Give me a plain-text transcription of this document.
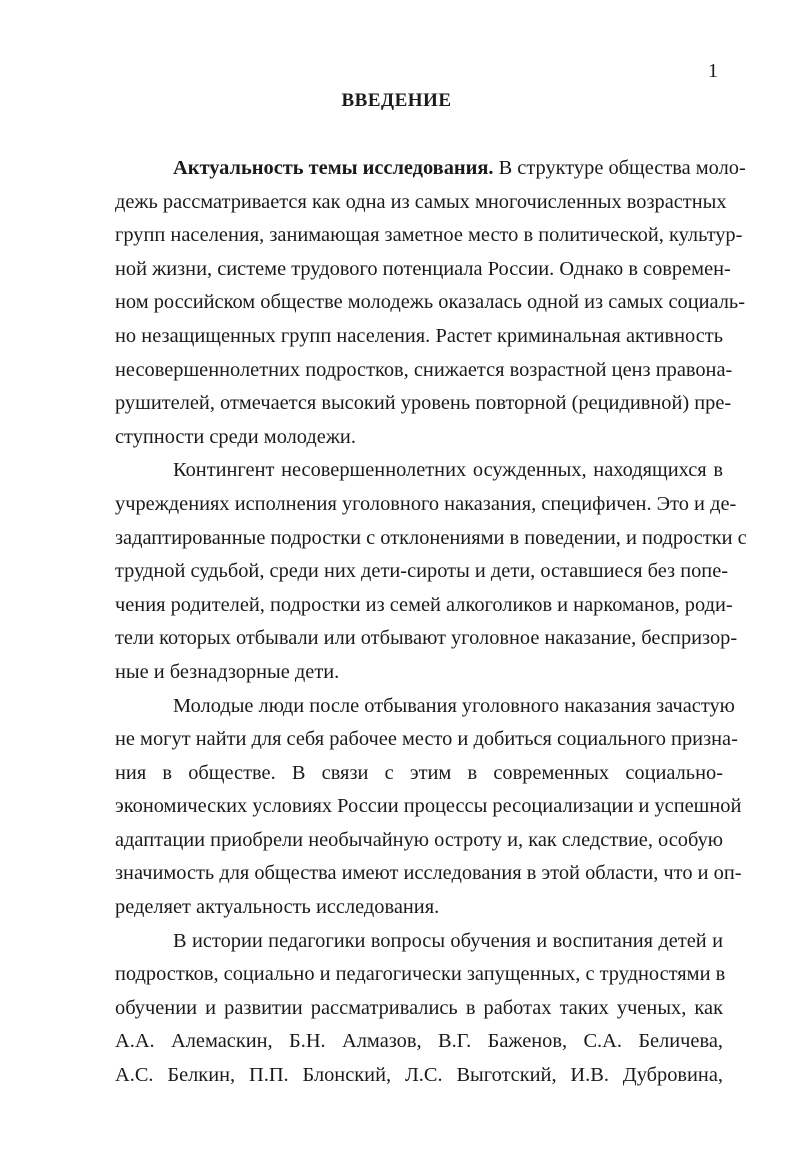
1
ВВЕДЕНИЕ
Актуальность темы исследования. В структуре общества моло-
дежь рассматривается как одна из самых многочисленных возрастных
групп населения, занимающая заметное место в политической, культур-
ной жизни, системе трудового потенциала России. Однако в современ-
ном российском обществе молодежь оказалась одной из самых социаль-
но незащищенных групп населения. Растет криминальная активность
несовершеннолетних подростков, снижается возрастной ценз правона-
рушителей, отмечается высокий уровень повторной (рецидивной) пре-
ступности среди молодежи.
Контингент несовершеннолетних осужденных, находящихся в
учреждениях исполнения уголовного наказания, специфичен. Это и де-
задаптированные подростки с отклонениями в поведении, и подростки с
трудной судьбой, среди них дети-сироты и дети, оставшиеся без попе-
чения родителей, подростки из семей алкоголиков и наркоманов, роди-
тели которых отбывали или отбывают уголовное наказание, беспризор-
ные и безнадзорные дети.
Молодые люди после отбывания уголовного наказания зачастую
не могут найти для себя рабочее место и добиться социального призна-
ния в обществе. В связи с этим в современных социально-
экономических условиях России процессы ресоциализации и успешной
адаптации приобрели необычайную остроту и, как следствие, особую
значимость для общества имеют исследования в этой области, что и оп-
ределяет актуальность исследования.
В истории педагогики вопросы обучения и воспитания детей и
подростков, социально и педагогически запущенных, с трудностями в
обучении и развитии рассматривались в работах таких ученых, как
А.А. Алемаскин, Б.Н. Алмазов, В.Г. Баженов, С.А. Беличева,
А.С. Белкин, П.П. Блонский, Л.С. Выготский, И.В. Дубровина,
